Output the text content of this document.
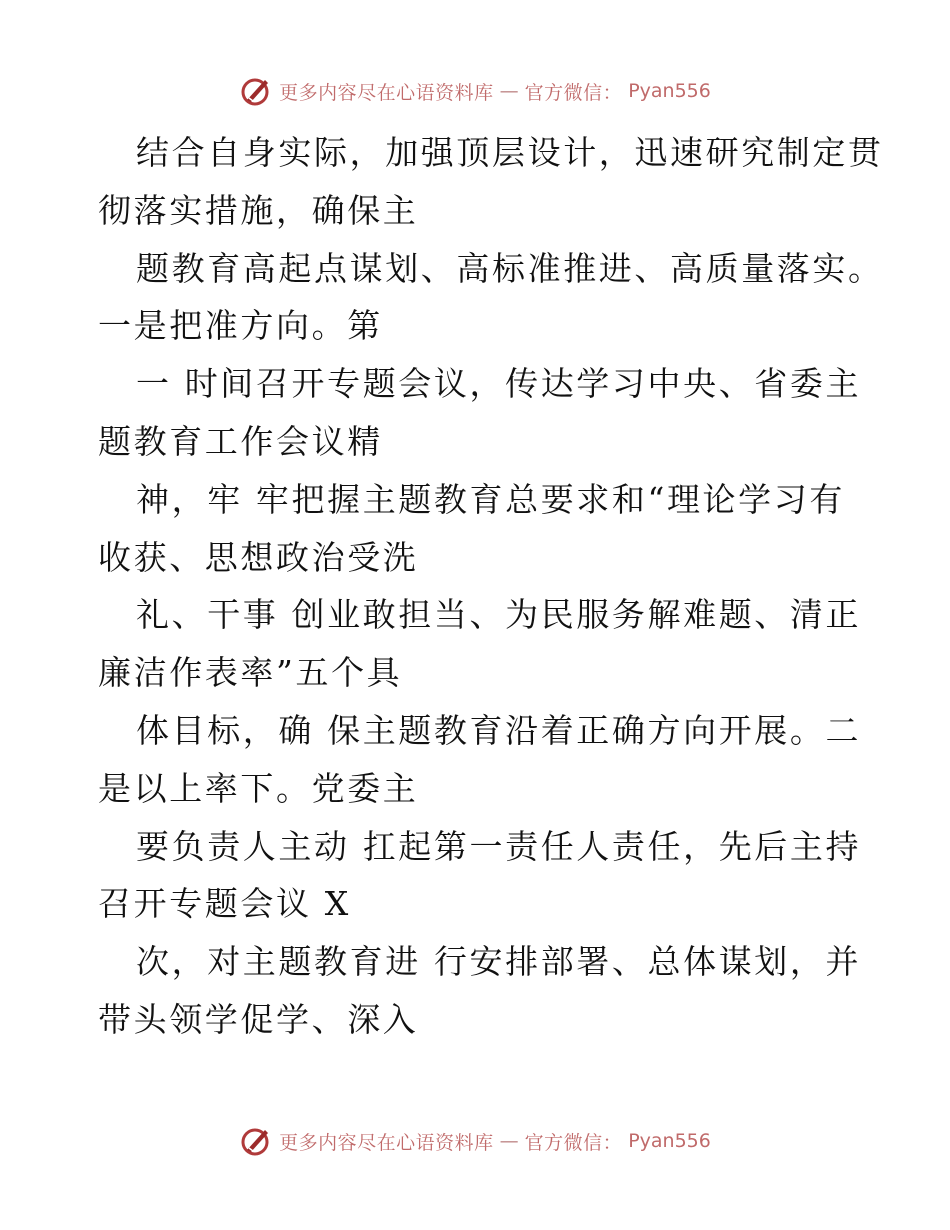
更多内容尽在心语资料库 — 官方微信： Pyan556
结合自身实际，加强顶层设计，迅速研究制定贯
彻落实措施，确保主
题教育高起点谋划、高标准推进、高质量落实。
一是把准方向。第
一 时间召开专题会议，传达学习中央、省委主
题教育工作会议精
神，牢 牢把握主题教育总要求和“理论学习有
收获、思想政治受洗
礼、干事 创业敢担当、为民服务解难题、清正
廉洁作表率”五个具
体目标，确 保主题教育沿着正确方向开展。二
是以上率下。党委主
要负责人主动 扛起第一责任人责任，先后主持
召开专题会议 X
次，对主题教育进 行安排部署、总体谋划，并
带头领学促学、深入
更多内容尽在心语资料库 — 官方微信： Pyan556
